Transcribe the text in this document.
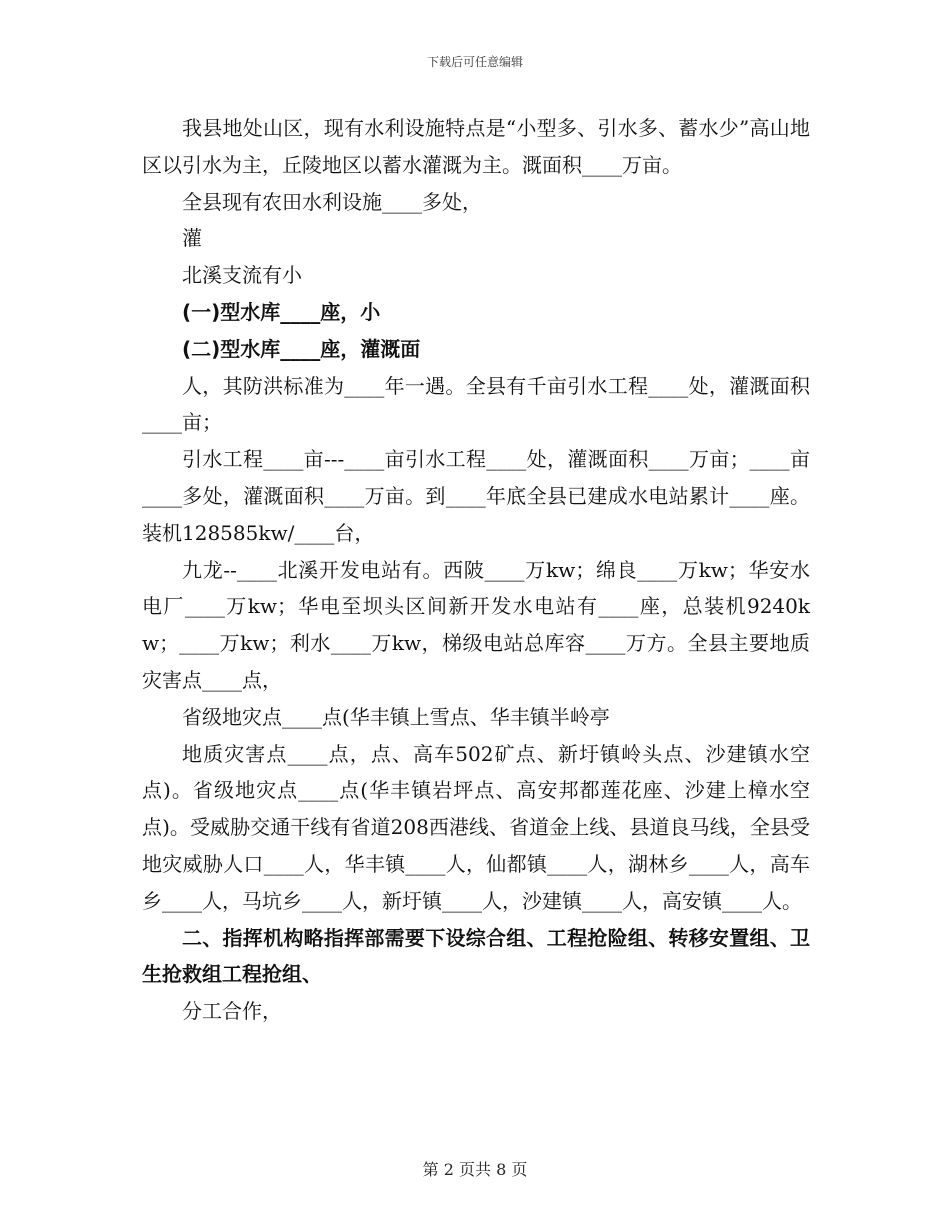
下载后可任意编辑

我县地处山区，现有水利设施特点是“小型多、引水多、蓄水少”高山地区以引水为主，丘陵地区以蓄水灌溉为主。溉面积____万亩。

全县现有农田水利设施____多处，

灌

北溪支流有小

(一)型水库____座，小

(二)型水库____座，灌溉面

人，其防洪标准为____年一遇。全县有千亩引水工程____处，灌溉面积____亩；

引水工程____亩---____亩引水工程____处，灌溉面积____万亩；____亩____多处，灌溉面积____万亩。到____年底全县已建成水电站累计____座。装机128585kw/____台，

九龙--____北溪开发电站有。西陂____万kw；绵良____万kw；华安水电厂____万kw；华电至坝头区间新开发水电站有____座，总装机9240kw；____万kw；利水____万kw，梯级电站总库容____万方。全县主要地质灾害点____点，

省级地灾点____点(华丰镇上雪点、华丰镇半岭亭

地质灾害点____点，点、高车502矿点、新圩镇岭头点、沙建镇水空点)。省级地灾点____点(华丰镇岩坪点、高安邦都莲花座、沙建上樟水空点)。受威胁交通干线有省道208西港线、省道金上线、县道良马线，全县受地灾威胁人口____人，华丰镇____人，仙都镇____人，湖林乡____人，高车乡____人，马坑乡____人，新圩镇____人，沙建镇____人，高安镇____人。

二、指挥机构略指挥部需要下设综合组、工程抢险组、转移安置组、卫生抢救组工程抢组、

分工合作，

第 2 页共 8 页
